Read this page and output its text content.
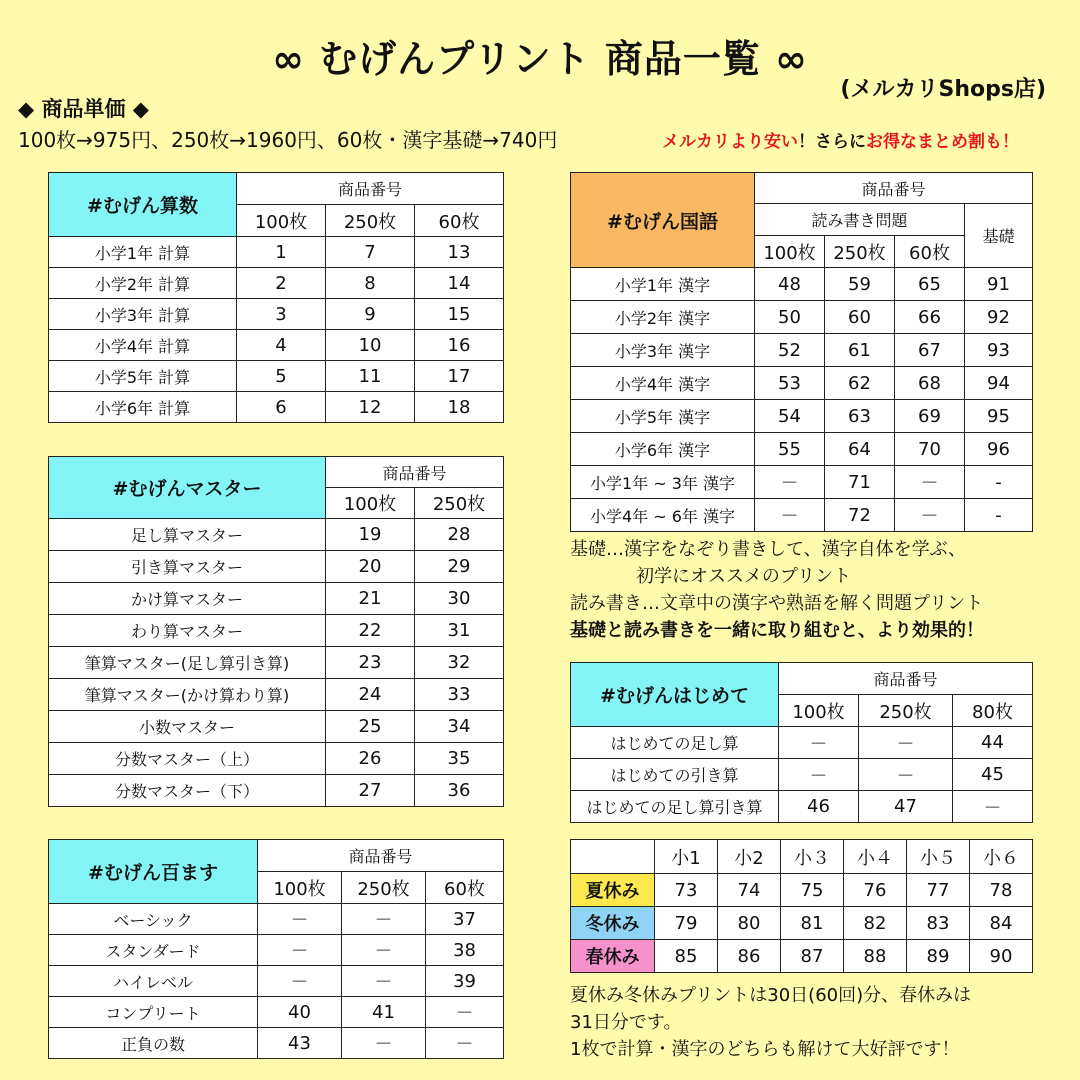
∞ むげんプリント 商品一覧 ∞
(メルカリShops店)
◆ 商品単価 ◆
100枚→975円、250枚→1960円、60枚・漢字基礎→740円	メルカリより安い！さらにお得なまとめ割も！
#むげん算数	商品番号		
	100枚	250枚	60枚
小学1年 計算	1	7	13
小学2年 計算	2	8	14
小学3年 計算	3	9	15
小学4年 計算	4	10	16
小学5年 計算	5	11	17
小学6年 計算	6	12	18
#むげんマスター	商品番号	
	100枚	250枚
足し算マスター	19	28
引き算マスター	20	29
かけ算マスター	21	30
わり算マスター	22	31
筆算マスター(足し算引き算)	23	32
筆算マスター(かけ算わり算)	24	33
小数マスター	25	34
分数マスター（上）	26	35
分数マスター（下）	27	36
#むげん百ます	商品番号		
	100枚	250枚	60枚
ベーシック	－	－	37
スタンダード	－	－	38
ハイレベル	－	－	39
コンプリート	40	41	－
正負の数	43	－	－
#むげん国語	商品番号			
	読み書き問題			基礎
	100枚	250枚	60枚	
小学1年 漢字	48	59	65	91
小学2年 漢字	50	60	66	92
小学3年 漢字	52	61	67	93
小学4年 漢字	53	62	68	94
小学5年 漢字	54	63	69	95
小学6年 漢字	55	64	70	96
小学1年 ~ 3年 漢字	－	71	－	-
小学4年 ~ 6年 漢字	－	72	－	-
基礎…漢字をなぞり書きして、漢字自体を学ぶ、
初学にオススメのプリント
読み書き…文章中の漢字や熟語を解く問題プリント
基礎と読み書きを一緒に取り組むと、より効果的！
#むげんはじめて	商品番号		
	100枚	250枚	80枚
はじめての足し算	－	－	44
はじめての引き算	－	－	45
はじめての足し算引き算	46	47	－
	小1	小2	小３	小４	小５	小６
夏休み	73	74	75	76	77	78
冬休み	79	80	81	82	83	84
春休み	85	86	87	88	89	90
夏休み冬休みプリントは30日(60回)分、春休みは
31日分です。
1枚で計算・漢字のどちらも解けて大好評です！
